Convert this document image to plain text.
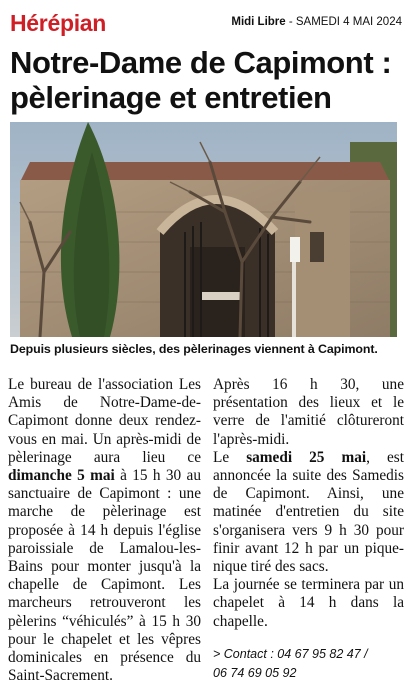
Hérépian	Midi Libre - SAMEDI 4 MAI 2024
Notre-Dame de Capimont :
pèlerinage et entretien
Depuis plusieurs siècles, des pèlerinages viennent à Capimont.

Le bureau de l'association Les Amis de Notre-Dame-de-Capimont donne deux rendez-vous en mai. Un après-midi de pèlerinage aura lieu ce dimanche 5 mai à 15 h 30 au sanctuaire de Capimont : une marche de pèlerinage est proposée à 14 h depuis l'église paroissiale de Lamalou-les-Bains pour monter jusqu'à la chapelle de Capimont. Les marcheurs retrouveront les pèlerins “véhiculés” à 15 h 30 pour le chapelet et les vêpres dominicales en présence du Saint-Sacrement.

Après 16 h 30, une présentation des lieux et le verre de l'amitié clôtureront l'après-midi.

Le samedi 25 mai, est annoncée la suite des Samedis de Capimont. Ainsi, une matinée d'entretien du site s'organisera vers 9 h 30 pour finir avant 12 h par un pique-nique tiré des sacs.

La journée se terminera par un chapelet à 14 h dans la chapelle.

> Contact : 04 67 95 82 47 /
06 74 69 05 92
